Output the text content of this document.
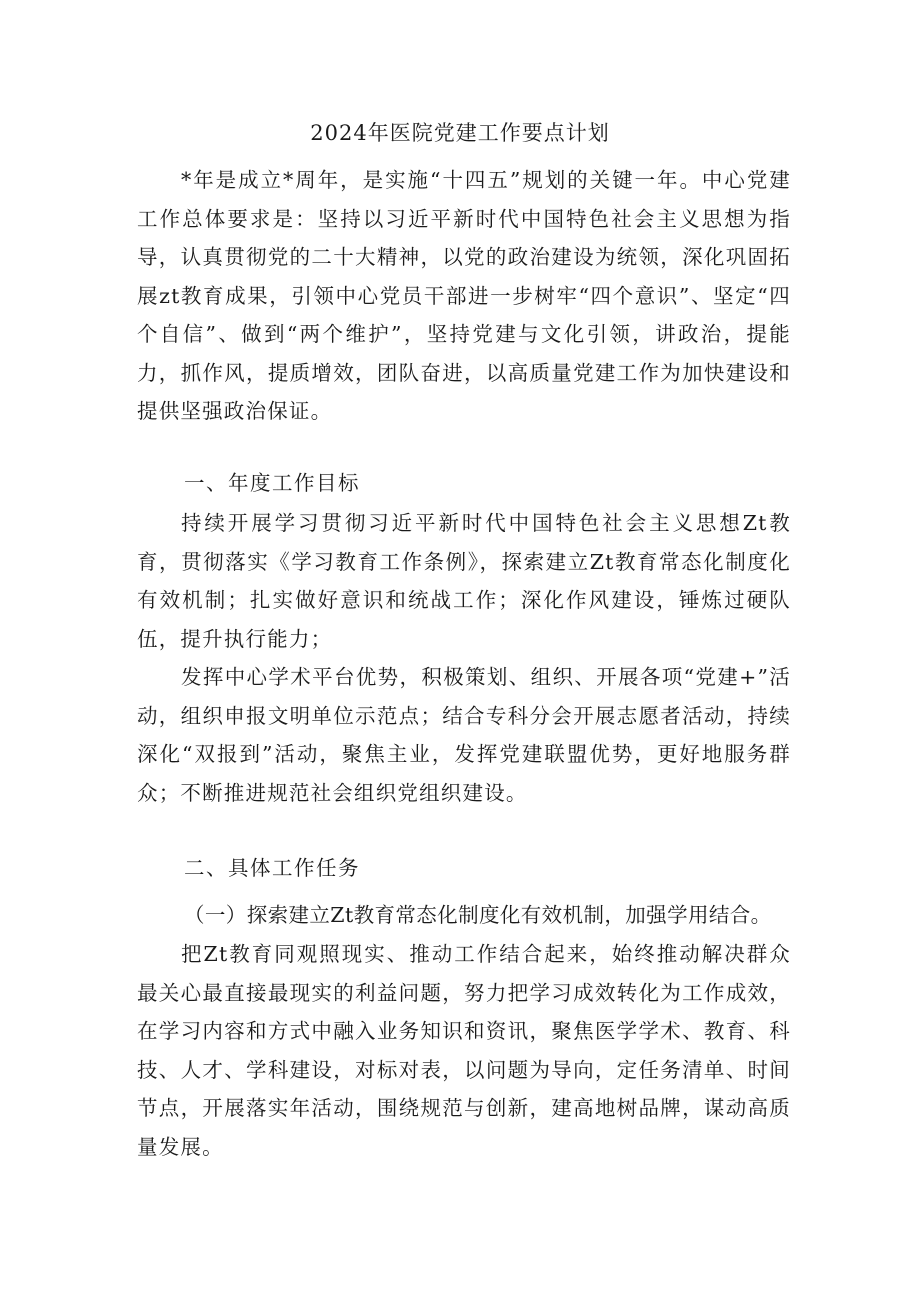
2024年医院党建工作要点计划
*年是成立*周年，是实施“十四五”规划的关键一年。中心党建工作总体要求是：坚持以习近平新时代中国特色社会主义思想为指导，认真贯彻党的二十大精神，以党的政治建设为统领，深化巩固拓展zt教育成果，引领中心党员干部进一步树牢“四个意识”、坚定“四个自信”、做到“两个维护”，坚持党建与文化引领，讲政治，提能力，抓作风，提质增效，团队奋进，以高质量党建工作为加快建设和提供坚强政治保证。
一、年度工作目标
持续开展学习贯彻习近平新时代中国特色社会主义思想Zt教育，贯彻落实《学习教育工作条例》，探索建立Zt教育常态化制度化有效机制；扎实做好意识和统战工作；深化作风建设，锤炼过硬队伍，提升执行能力；
发挥中心学术平台优势，积极策划、组织、开展各项“党建+”活动，组织申报文明单位示范点；结合专科分会开展志愿者活动，持续深化“双报到”活动，聚焦主业，发挥党建联盟优势，更好地服务群众；不断推进规范社会组织党组织建设。
二、具体工作任务
（一）探索建立Zt教育常态化制度化有效机制，加强学用结合。
把Zt教育同观照现实、推动工作结合起来，始终推动解决群众最关心最直接最现实的利益问题，努力把学习成效转化为工作成效，在学习内容和方式中融入业务知识和资讯，聚焦医学学术、教育、科技、人才、学科建设，对标对表，以问题为导向，定任务清单、时间节点，开展落实年活动，围绕规范与创新，建高地树品牌，谋动高质量发展。
